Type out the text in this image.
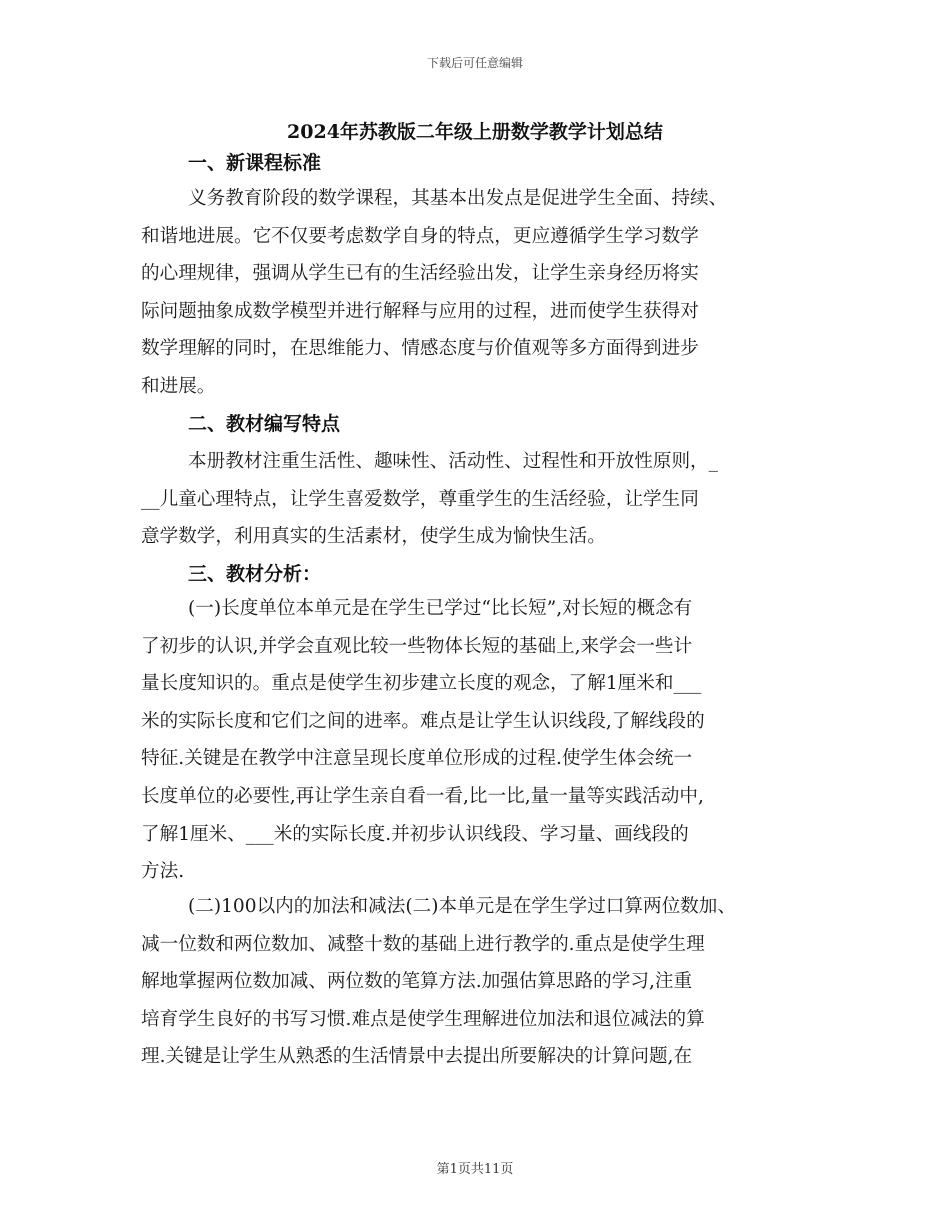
下载后可任意编辑
2024年苏教版二年级上册数学教学计划总结
一、新课程标准
义务教育阶段的数学课程，其基本出发点是促进学生全面、持续、
和谐地进展。它不仅要考虑数学自身的特点，更应遵循学生学习数学
的心理规律，强调从学生已有的生活经验出发，让学生亲身经历将实
际问题抽象成数学模型并进行解释与应用的过程，进而使学生获得对
数学理解的同时，在思维能力、情感态度与价值观等多方面得到进步
和进展。
二、教材编写特点
本册教材注重生活性、趣味性、活动性、过程性和开放性原则，_
__儿童心理特点，让学生喜爱数学，尊重学生的生活经验，让学生同
意学数学，利用真实的生活素材，使学生成为愉快生活。
三、教材分析：
(一)长度单位本单元是在学生已学过“比长短”,对长短的概念有
了初步的认识,并学会直观比较一些物体长短的基础上,来学会一些计
量长度知识的。重点是使学生初步建立长度的观念，了解1厘米和___
米的实际长度和它们之间的进率。难点是让学生认识线段,了解线段的
特征.关键是在教学中注意呈现长度单位形成的过程.使学生体会统一
长度单位的必要性,再让学生亲自看一看,比一比,量一量等实践活动中,
了解1厘米、___米的实际长度.并初步认识线段、学习量、画线段的
方法.
(二)100以内的加法和减法(二)本单元是在学生学过口算两位数加、
减一位数和两位数加、减整十数的基础上进行教学的.重点是使学生理
解地掌握两位数加减、两位数的笔算方法.加强估算思路的学习,注重
培育学生良好的书写习惯.难点是使学生理解进位加法和退位减法的算
理.关键是让学生从熟悉的生活情景中去提出所要解决的计算问题,在
第1页共11页
